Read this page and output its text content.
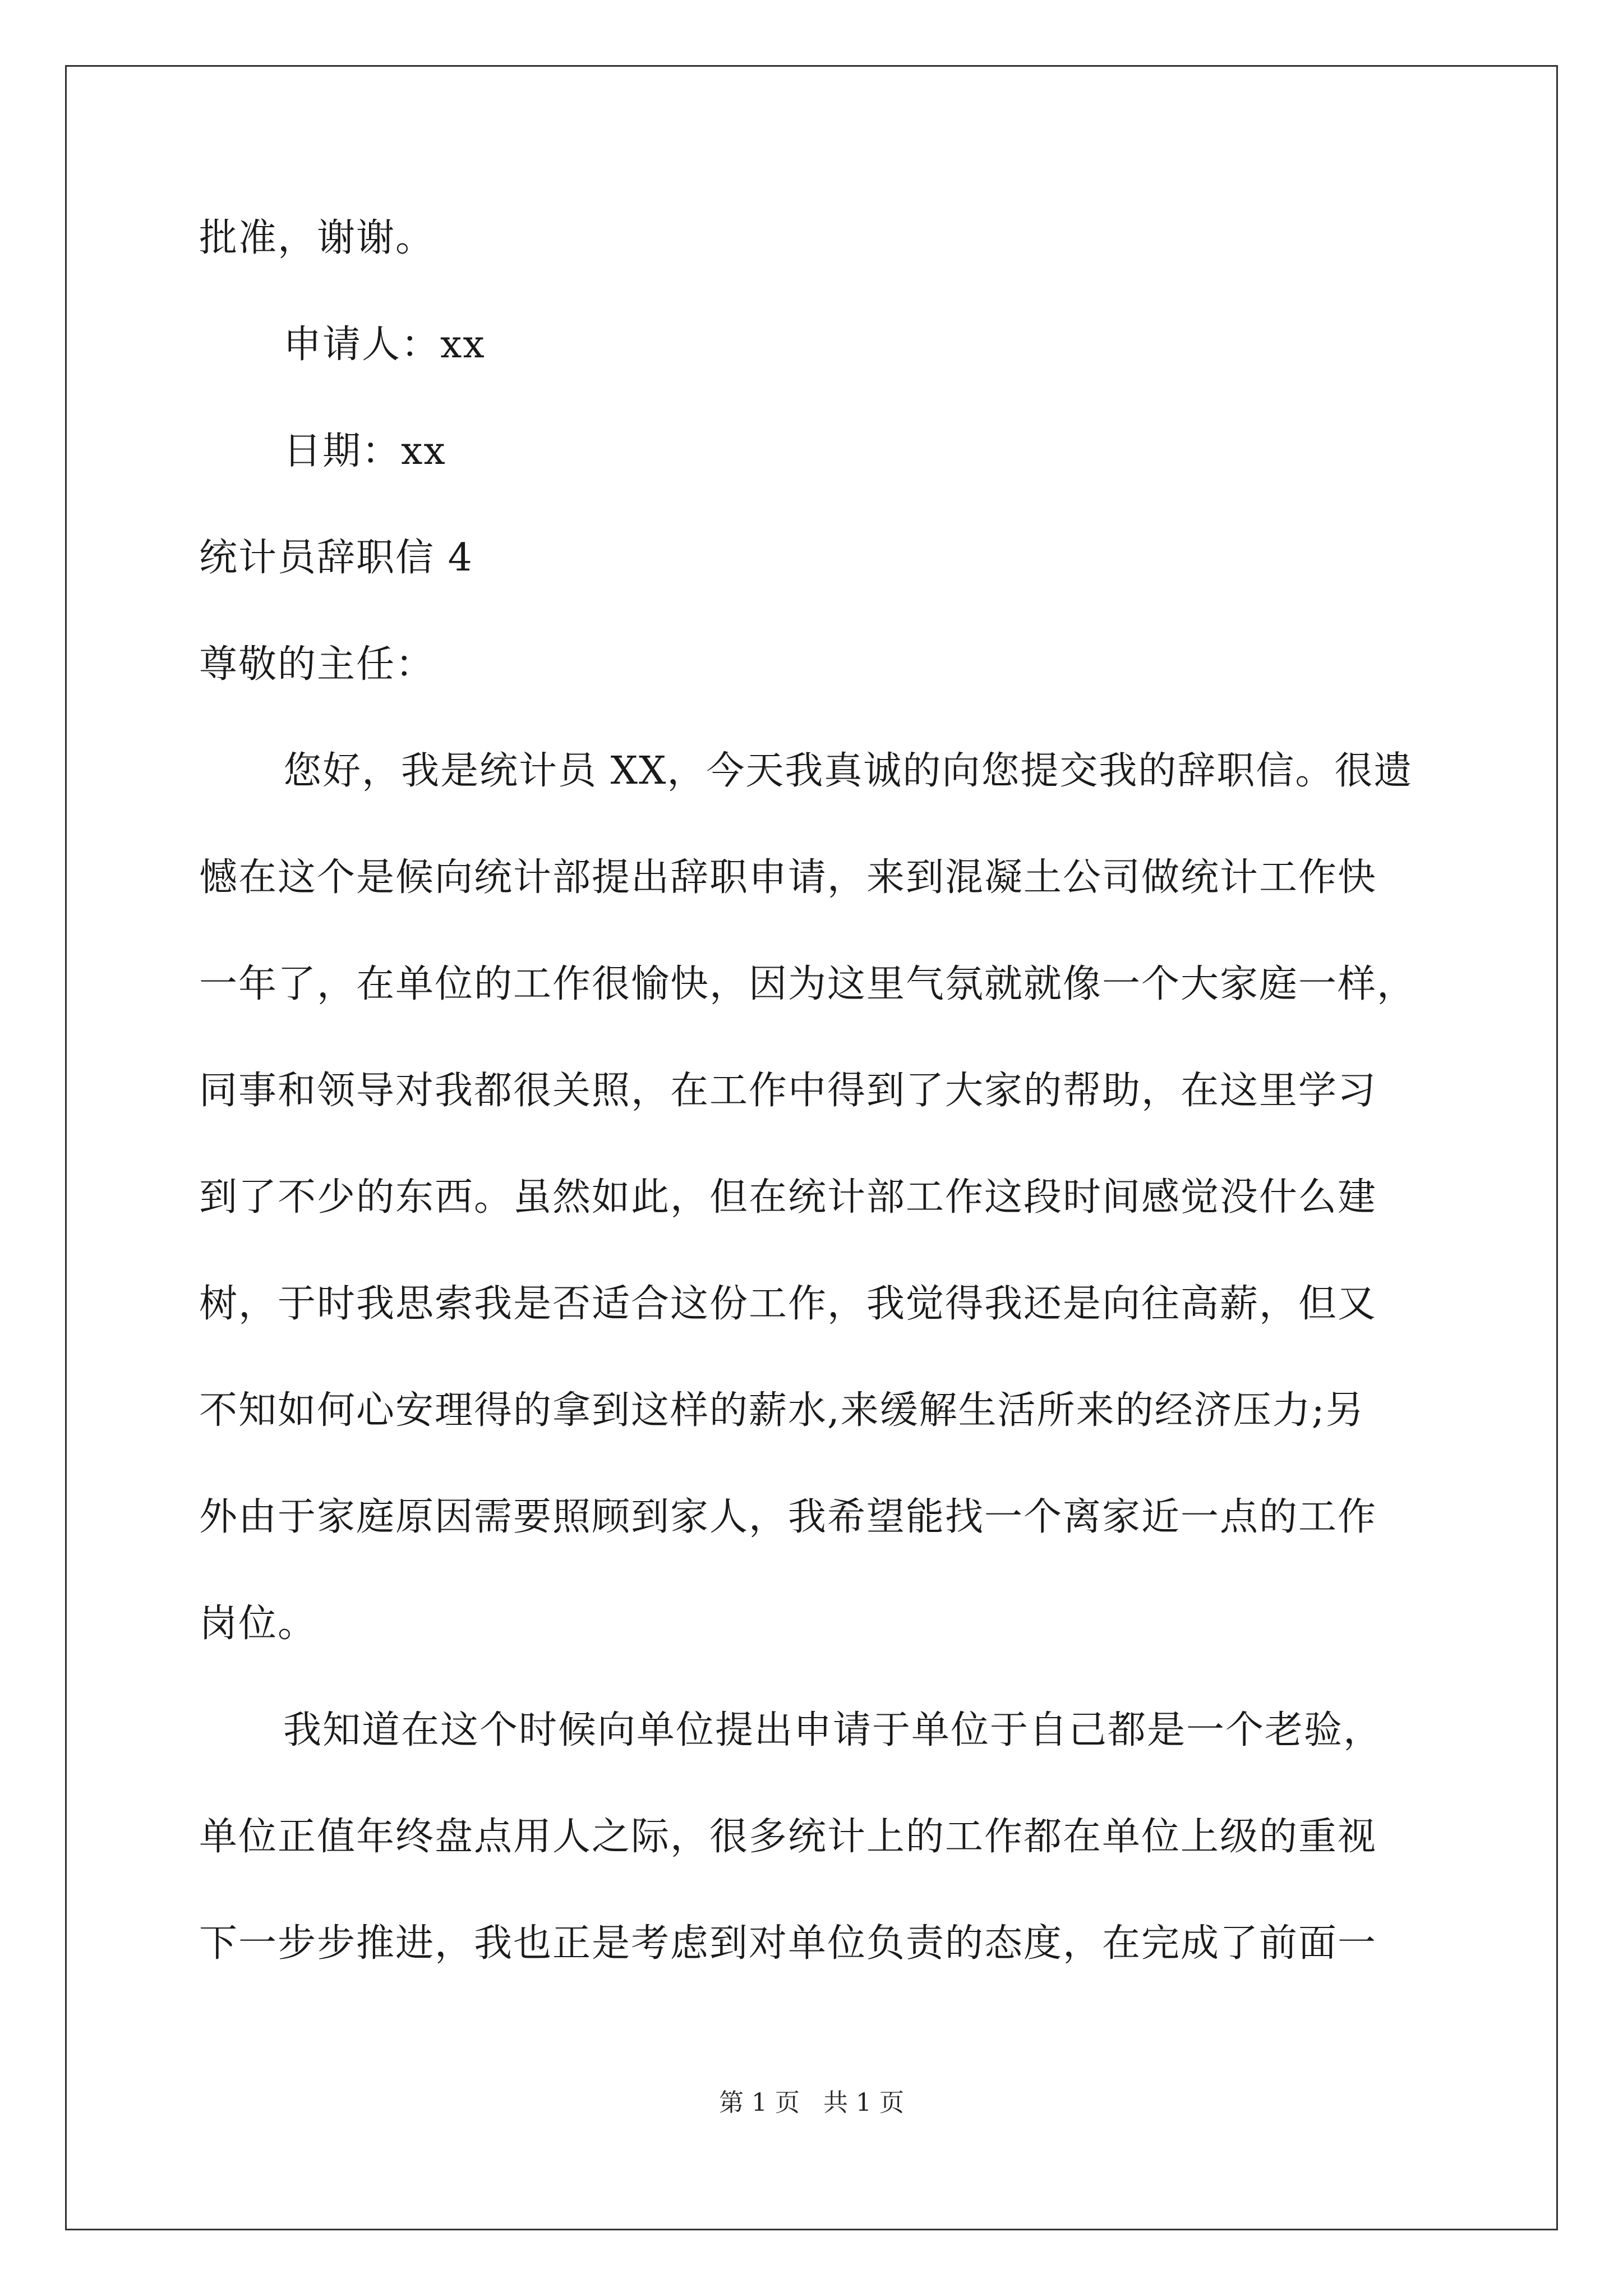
批准，谢谢。
申请人：xx
日期：xx
统计员辞职信 4
尊敬的主任：
您好，我是统计员 XX，今天我真诚的向您提交我的辞职信。很遗
憾在这个是候向统计部提出辞职申请，来到混凝土公司做统计工作快
一年了，在单位的工作很愉快，因为这里气氛就就像一个大家庭一样，
同事和领导对我都很关照，在工作中得到了大家的帮助，在这里学习
到了不少的东西。虽然如此，但在统计部工作这段时间感觉没什么建
树，于时我思索我是否适合这份工作，我觉得我还是向往高薪，但又
不知如何心安理得的拿到这样的薪水,来缓解生活所来的经济压力;另
外由于家庭原因需要照顾到家人，我希望能找一个离家近一点的工作
岗位。
我知道在这个时候向单位提出申请于单位于自己都是一个老验，
单位正值年终盘点用人之际，很多统计上的工作都在单位上级的重视
下一步步推进，我也正是考虑到对单位负责的态度，在完成了前面一
第 1 页 共 1 页
